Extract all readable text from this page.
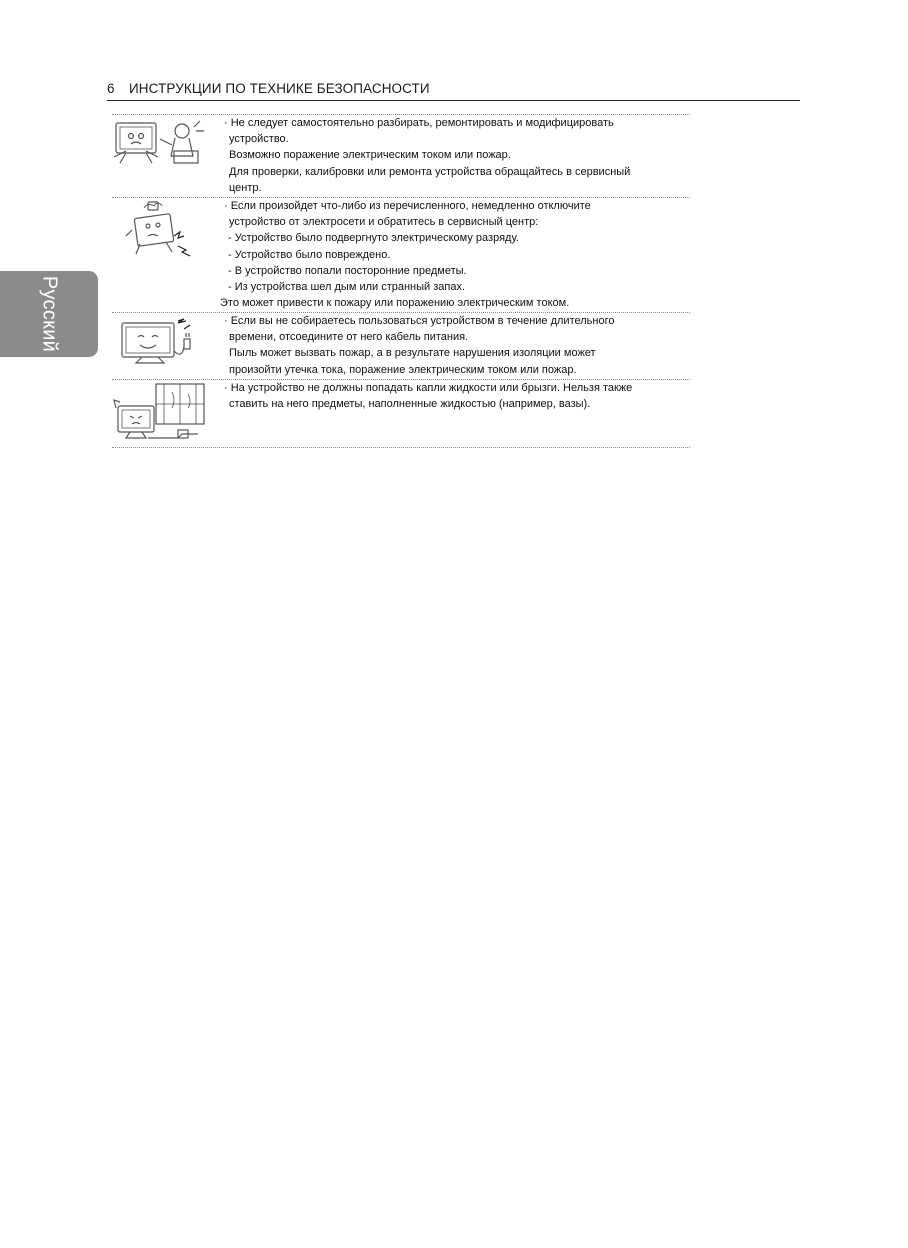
6 ИНСТРУКЦИИ ПО ТЕХНИКЕ БЕЗОПАСНОСТИ
Русский
· Не следует самостоятельно разбирать, ремонтировать и модифицировать
устройство.
Возможно поражение электрическим током или пожар.
Для проверки, калибровки или ремонта устройства обращайтесь в сервисный
центр.
· Если произойдет что-либо из перечисленного, немедленно отключите
устройство от электросети и обратитесь в сервисный центр:
- Устройство было подвергнуто электрическому разряду.
- Устройство было повреждено.
- В устройство попали посторонние предметы.
- Из устройства шел дым или странный запах.
Это может привести к пожару или поражению электрическим током.
· Если вы не собираетесь пользоваться устройством в течение длительного
времени, отсоедините от него кабель питания.
Пыль может вызвать пожар, а в результате нарушения изоляции может
произойти утечка тока, поражение электрическим током или пожар.
· На устройство не должны попадать капли жидкости или брызги. Нельзя также
ставить на него предметы, наполненные жидкостью (например, вазы).
